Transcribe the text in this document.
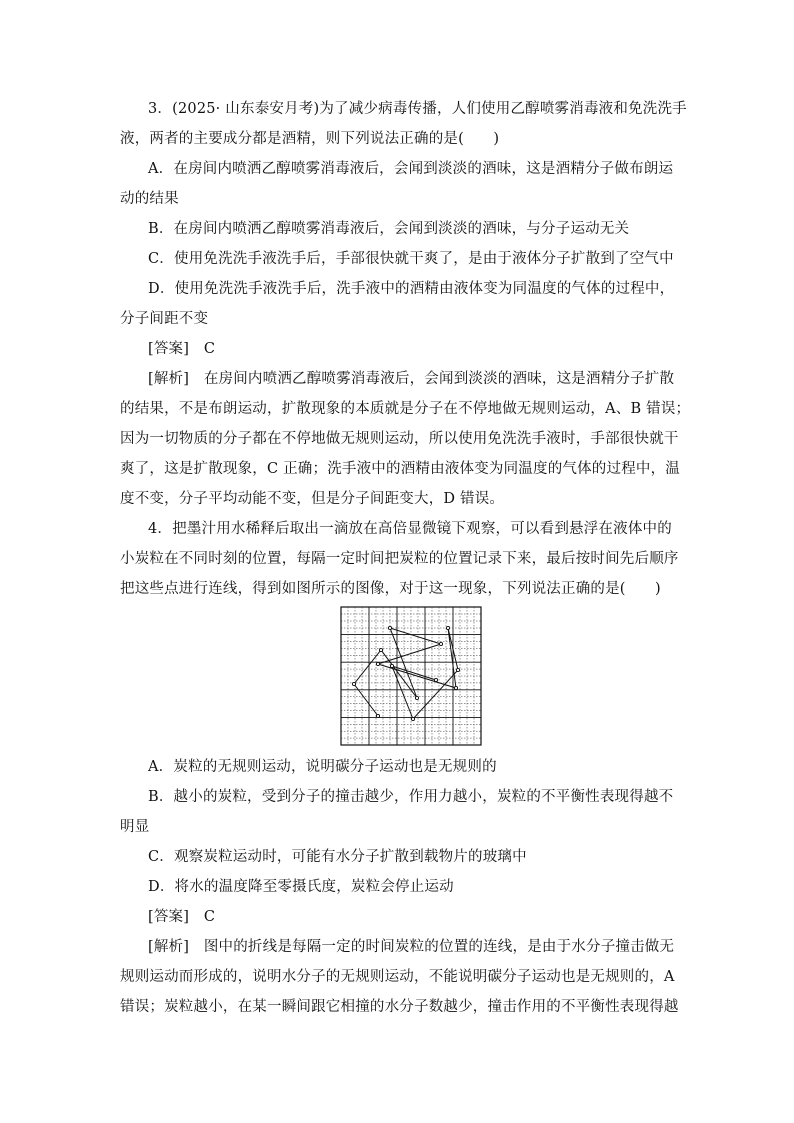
3．(2025· 山东泰安月考)为了减少病毒传播，人们使用乙醇喷雾消毒液和免洗洗手
液，两者的主要成分都是酒精，则下列说法正确的是(　　)
A．在房间内喷洒乙醇喷雾消毒液后，会闻到淡淡的酒味，这是酒精分子做布朗运
动的结果
B．在房间内喷洒乙醇喷雾消毒液后，会闻到淡淡的酒味，与分子运动无关
C．使用免洗洗手液洗手后，手部很快就干爽了，是由于液体分子扩散到了空气中
D．使用免洗洗手液洗手后，洗手液中的酒精由液体变为同温度的气体的过程中，
分子间距不变
[答案]　C
[解析]　在房间内喷洒乙醇喷雾消毒液后，会闻到淡淡的酒味，这是酒精分子扩散
的结果，不是布朗运动，扩散现象的本质就是分子在不停地做无规则运动，A、B 错误；
因为一切物质的分子都在不停地做无规则运动，所以使用免洗洗手液时，手部很快就干
爽了，这是扩散现象，C 正确；洗手液中的酒精由液体变为同温度的气体的过程中，温
度不变，分子平均动能不变，但是分子间距变大，D 错误。
4．把墨汁用水稀释后取出一滴放在高倍显微镜下观察，可以看到悬浮在液体中的
小炭粒在不同时刻的位置，每隔一定时间把炭粒的位置记录下来，最后按时间先后顺序
把这些点进行连线，得到如图所示的图像，对于这一现象，下列说法正确的是(　　)
A．炭粒的无规则运动，说明碳分子运动也是无规则的
B．越小的炭粒，受到分子的撞击越少，作用力越小，炭粒的不平衡性表现得越不
明显
C．观察炭粒运动时，可能有水分子扩散到载物片的玻璃中
D．将水的温度降至零摄氏度，炭粒会停止运动
[答案]　C
[解析]　图中的折线是每隔一定的时间炭粒的位置的连线，是由于水分子撞击做无
规则运动而形成的，说明水分子的无规则运动，不能说明碳分子运动也是无规则的，A
错误；炭粒越小，在某一瞬间跟它相撞的水分子数越少，撞击作用的不平衡性表现得越
